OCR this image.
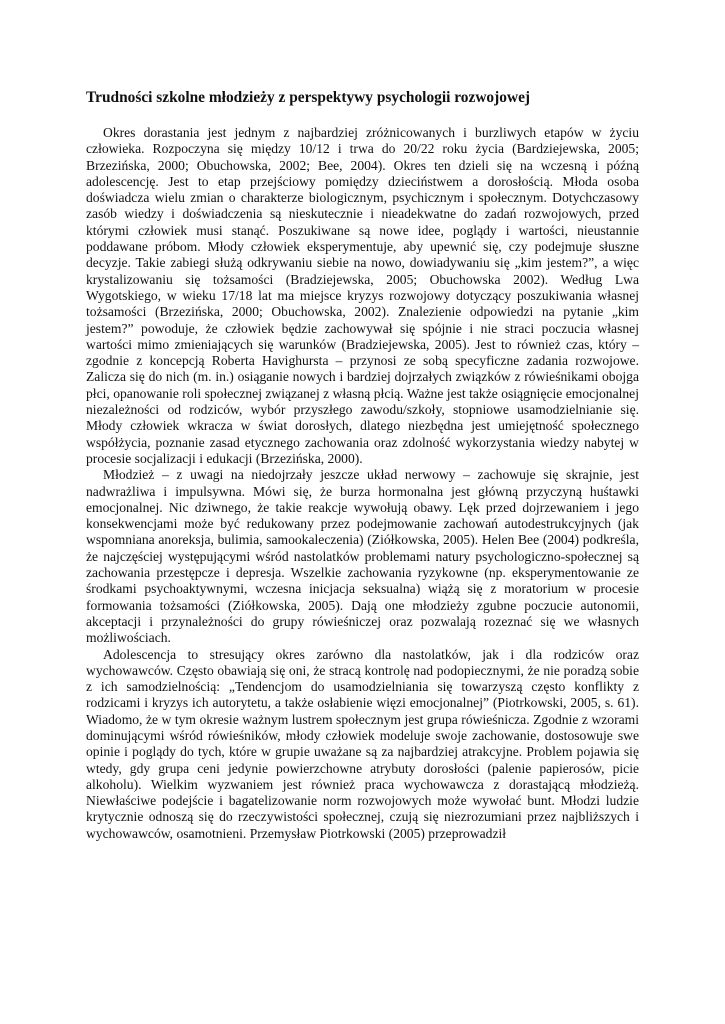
Trudności szkolne młodzieży z perspektywy psychologii rozwojowej

Okres dorastania jest jednym z najbardziej zróżnicowanych i burzliwych etapów w życiu człowieka. Rozpoczyna się między 10/12 i trwa do 20/22 roku życia (Bardziejewska, 2005; Brzezińska, 2000; Obuchowska, 2002; Bee, 2004). Okres ten dzieli się na wczesną i późną adolescencję. Jest to etap przejściowy pomiędzy dzieciństwem a dorosłością. Młoda osoba doświadcza wielu zmian o charakterze biologicznym, psychicznym i społecznym. Dotychczasowy zasób wiedzy i doświadczenia są nieskutecznie i nieadekwatne do zadań rozwojowych, przed którymi człowiek musi stanąć. Poszukiwane są nowe idee, poglądy i wartości, nieustannie poddawane próbom. Młody człowiek eksperymentuje, aby upewnić się, czy podejmuje słuszne decyzje. Takie zabiegi służą odkrywaniu siebie na nowo, dowiadywaniu się „kim jestem?”, a więc krystalizowaniu się tożsamości (Bradziejewska, 2005; Obuchowska 2002). Według Lwa Wygotskiego, w wieku 17/18 lat ma miejsce kryzys rozwojowy dotyczący poszukiwania własnej tożsamości (Brzezińska, 2000; Obuchowska, 2002). Znalezienie odpowiedzi na pytanie „kim jestem?” powoduje, że człowiek będzie zachowywał się spójnie i nie straci poczucia własnej wartości mimo zmieniających się warunków (Bradziejewska, 2005). Jest to również czas, który – zgodnie z koncepcją Roberta Havighursta – przynosi ze sobą specyficzne zadania rozwojowe. Zalicza się do nich (m. in.) osiąganie nowych i bardziej dojrzałych związków z rówieśnikami obojga płci, opanowanie roli społecznej związanej z własną płcią. Ważne jest także osiągnięcie emocjonalnej niezależności od rodziców, wybór przyszłego zawodu/szkoły, stopniowe usamodzielnianie się. Młody człowiek wkracza w świat dorosłych, dlatego niezbędna jest umiejętność społecznego współżycia, poznanie zasad etycznego zachowania oraz zdolność wykorzystania wiedzy nabytej w procesie socjalizacji i edukacji (Brzezińska, 2000).

Młodzież – z uwagi na niedojrzały jeszcze układ nerwowy – zachowuje się skrajnie, jest nadwrażliwa i impulsywna. Mówi się, że burza hormonalna jest główną przyczyną huśtawki emocjonalnej. Nic dziwnego, że takie reakcje wywołują obawy. Lęk przed dojrzewaniem i jego konsekwencjami może być redukowany przez podejmowanie zachowań autodestrukcyjnych (jak wspomniana anoreksja, bulimia, samookaleczenia) (Ziółkowska, 2005). Helen Bee (2004) podkreśla, że najczęściej występującymi wśród nastolatków problemami natury psychologiczno-społecznej są zachowania przestępcze i depresja. Wszelkie zachowania ryzykowne (np. eksperymentowanie ze środkami psychoaktywnymi, wczesna inicjacja seksualna) wiążą się z moratorium w procesie formowania tożsamości (Ziółkowska, 2005). Dają one młodzieży zgubne poczucie autonomii, akceptacji i przynależności do grupy rówieśniczej oraz pozwalają rozeznać się we własnych możliwościach.

Adolescencja to stresujący okres zarówno dla nastolatków, jak i dla rodziców oraz wychowawców. Często obawiają się oni, że stracą kontrolę nad podopiecznymi, że nie poradzą sobie z ich samodzielnością: „Tendencjom do usamodzielniania się towarzyszą często konflikty z rodzicami i kryzys ich autorytetu, a także osłabienie więzi emocjonalnej” (Piotrkowski, 2005, s. 61). Wiadomo, że w tym okresie ważnym lustrem społecznym jest grupa rówieśnicza. Zgodnie z wzorami dominującymi wśród rówieśników, młody człowiek modeluje swoje zachowanie, dostosowuje swe opinie i poglądy do tych, które w grupie uważane są za najbardziej atrakcyjne. Problem pojawia się wtedy, gdy grupa ceni jedynie powierzchowne atrybuty dorosłości (palenie papierosów, picie alkoholu). Wielkim wyzwaniem jest również praca wychowawcza z dorastającą młodzieżą. Niewłaściwe podejście i bagatelizowanie norm rozwojowych może wywołać bunt. Młodzi ludzie krytycznie odnoszą się do rzeczywistości społecznej, czują się niezrozumiani przez najbliższych i wychowawców, osamotnieni. Przemysław Piotrkowski (2005) przeprowadził
